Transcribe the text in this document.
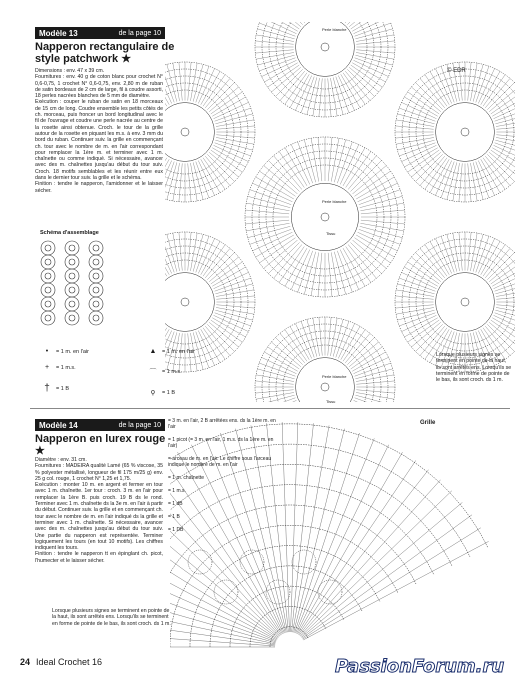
Modèle 13	de la page 10
Napperon rectangulaire de style patchwork ★
Dimensions : env. 47 x 39 cm.
Fournitures : env. 40 g de coton blanc pour crochet N° 0,6-0,75, 1 crochet N° 0,6-0,75, env. 2,80 m de ruban de satin bordeaux de 2 cm de large, fil à coudre assorti, 18 perles nacrées blanches de 5 mm de diamètre.
Exécution : couper le ruban de satin en 18 morceaux de 15 cm de long. Coudre ensemble les petits côtés de ch. morceau, puis froncer un bord longitudinal avec le fil de l'ouvrage et coudre une perle nacrée au centre de la rosette ainsi obtenue. Croch. le tour de la grille autour de la rosette en piquant les m.s. à env. 3 mm du bord du ruban. Continuer suiv. la grille en commençant ch. tour avec le nombre de m. en l'air correspondant pour remplacer la 1ère m. et terminer avec 1 m. chaînette ou comme indiqué. Si nécessaire, avancer avec des m. chaînettes jusqu'au début du tour suiv. Croch. 18 motifs semblables et les réunir entre eux dans le dernier tour suiv. la grille et le schéma.
Finition : tendre le napperon, l'amidonner et le laisser sécher.
Schéma d'assemblage
•	= 1 m. en l'air
+	= 1 m.s.
†	= 1 B
▲ = 1 m. en l'air
⌒ = 1 m.s.
ϙ	= 1 B
© EDR
Perle blanche
Perle blanche
Tissu
Perle blanche
Tissu
Lorsque plusieurs signes se terminent en pointe de la haut, ils sont arrêtés ens. Lorsqu'ils se terminent en forme de pointe de le bas, ils sont croch. ds 1 m.
Modèle 14	de la page 10
Napperon en lurex rouge ★
Diamètre : env. 31 cm.
Fournitures : MADEIRA qualité Lamé (65 % viscose, 35 % polyester métallisé, longueur de fil 175 m/25 g) env. 25 g col. rouge, 1 crochet N° 1,25 et 1,75.
Exécution : monter 10 m. en argent et fermer en tour avec 1 m. chaînette. 1er tour : croch. 3 m. en l'air pour remplacer la 1ère B. puis croch. 19 B ds le rond. Terminer avec 1 m. chaînette ds la 3e m. en l'air à partir du début. Continuer suiv. la grille et en commençant ch. tour avec le nombre de m. en l'air indiqué ds la grille et terminer avec 1 m. chaînette. Si nécessaire, avancer avec des m. chaînettes jusqu'au début du tour suiv. Une partie du napperon est représentée. Terminer logiquement les tours (en tout 10 motifs). Les chiffres indiquent les tours.
Finition : tendre le napperon tt en épinglant ch. picot, l'humecter et le laisser sécher.
Lorsque plusieurs signes se terminent en pointe de la haut, ils sont arrêtés ens. Lorsqu'ils se terminent en forme de pointe de le bas, ils sont croch. ds 1 m.
= 3 m. en l'air, 2 B arrêtées ens. ds la 1ère m. en l'air
= 1 picot (= 3 m. en l'air, 1 m.s. ds la 1ère m. en l'air)
= arceau de m. en l'air. Le chiffre sous l'arceau indique le nombre de m. en l'air
= 1 m. chaînette
= 1 m.s.
= 1 dB
= 1 B
= 1 DB
Grille
24 Ideal Crochet 16	PassionForum.ru
